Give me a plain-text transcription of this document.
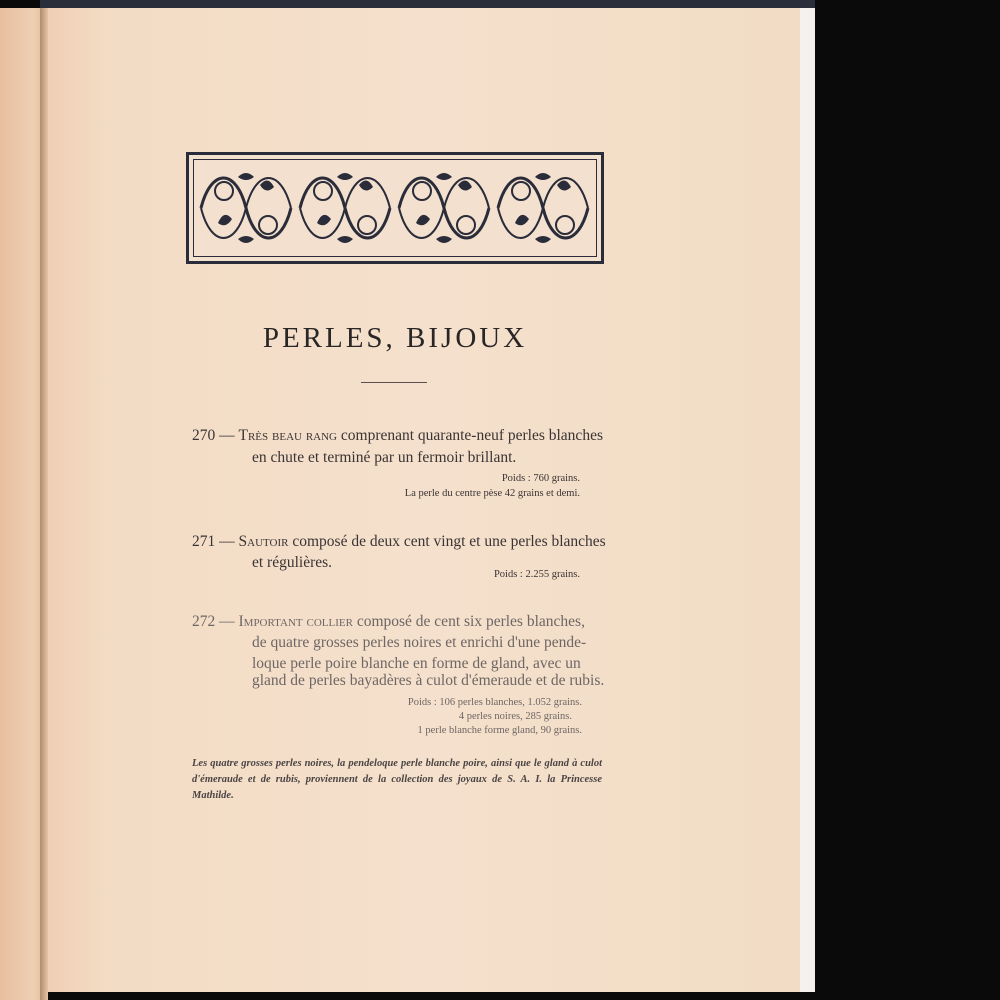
PERLES, BIJOUX
270 — Très beau rang comprenant quarante-neuf perles blanches
en chute et terminé par un fermoir brillant.
Poids : 760 grains.
La perle du centre pèse 42 grains et demi.
271 — Sautoir composé de deux cent vingt et une perles blanches
et régulières.
Poids : 2.255 grains.
272 — Important collier composé de cent six perles blanches,
de quatre grosses perles noires et enrichi d'une pende-
loque perle poire blanche en forme de gland, avec un
gland de perles bayadères à culot d'émeraude et de rubis.
Poids : 106 perles blanches, 1.052 grains.
4 perles noires, 285 grains.
1 perle blanche forme gland, 90 grains.
Les quatre grosses perles noires, la pendeloque perle blanche poire, ainsi que le gland à culot d'émeraude et de rubis, proviennent de la collection des joyaux de S. A. I. la Princesse Mathilde.
